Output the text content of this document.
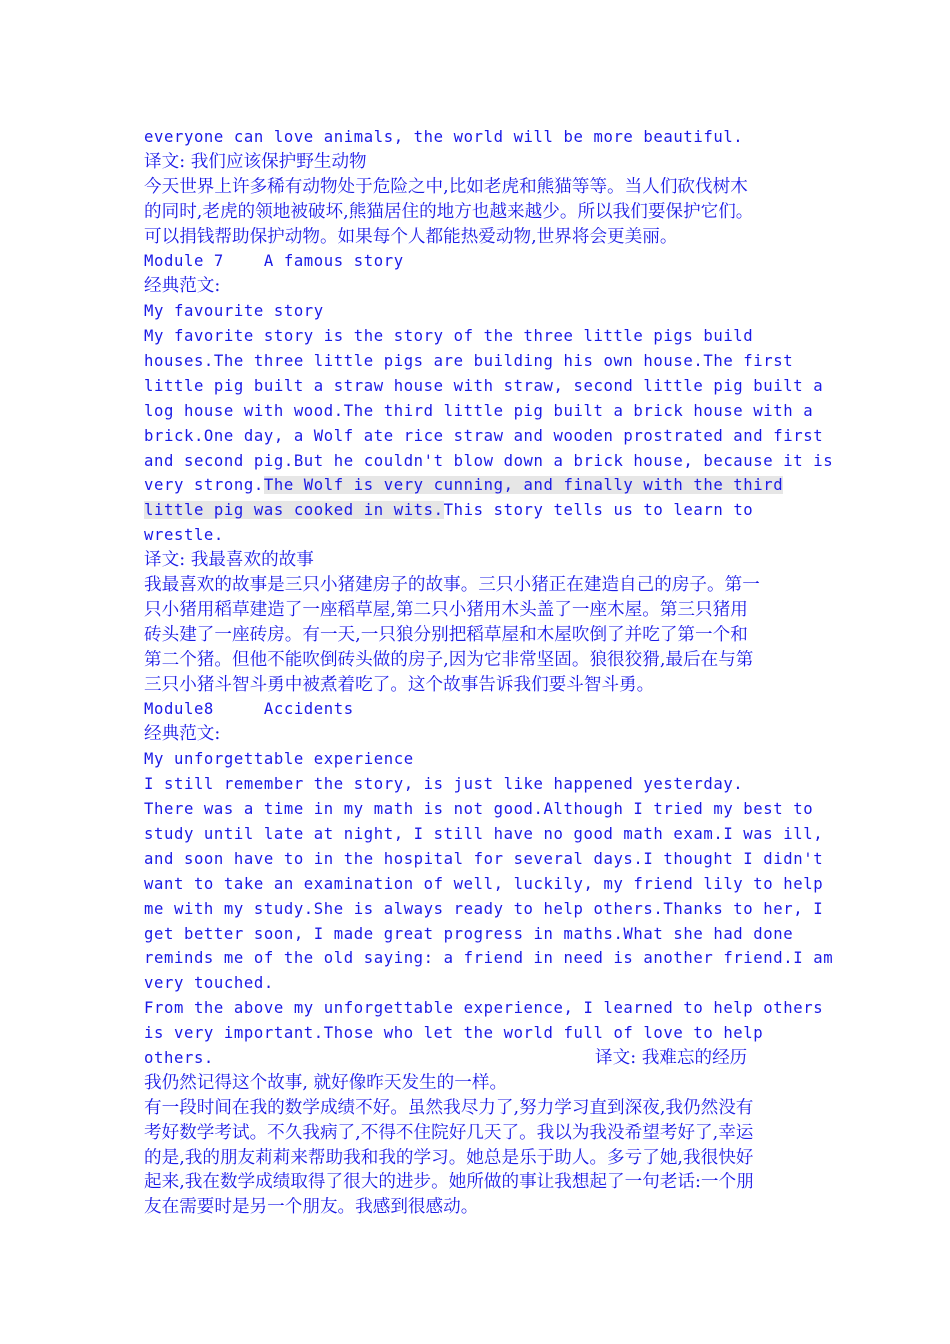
everyone can love animals, the world will be more beautiful.
译文: 我们应该保护野生动物
今天世界上许多稀有动物处于危险之中,比如老虎和熊猫等等。当人们砍伐树木
的同时,老虎的领地被破坏,熊猫居住的地方也越来越少。所以我们要保护它们。
可以捐钱帮助保护动物。如果每个人都能热爱动物,世界将会更美丽。
Module 7    A famous story
经典范文:
My favourite story
My favorite story is the story of the three little pigs build
houses.The three little pigs are building his own house.The first
little pig built a straw house with straw, second little pig built a
log house with wood.The third little pig built a brick house with a
brick.One day, a Wolf ate rice straw and wooden prostrated and first
and second pig.But he couldn't blow down a brick house, because it is
very strong.The Wolf is very cunning, and finally with the third
little pig was cooked in wits.This story tells us to learn to
wrestle.
译文: 我最喜欢的故事
我最喜欢的故事是三只小猪建房子的故事。三只小猪正在建造自己的房子。第一
只小猪用稻草建造了一座稻草屋,第二只小猪用木头盖了一座木屋。第三只猪用
砖头建了一座砖房。有一天,一只狼分别把稻草屋和木屋吹倒了并吃了第一个和
第二个猪。但他不能吹倒砖头做的房子,因为它非常坚固。狼很狡猾,最后在与第
三只小猪斗智斗勇中被煮着吃了。这个故事告诉我们要斗智斗勇。
Module8     Accidents
经典范文:
My unforgettable experience
I still remember the story, is just like happened yesterday.
There was a time in my math is not good.Although I tried my best to
study until late at night, I still have no good math exam.I was ill,
and soon have to in the hospital for several days.I thought I didn't
want to take an examination of well, luckily, my friend lily to help
me with my study.She is always ready to help others.Thanks to her, I
get better soon, I made great progress in maths.What she had done
reminds me of the old saying: a friend in need is another friend.I am
very touched.
From the above my unforgettable experience, I learned to help others
is very important.Those who let the world full of love to help
others.	译文: 我难忘的经历
我仍然记得这个故事, 就好像昨天发生的一样。
有一段时间在我的数学成绩不好。虽然我尽力了,努力学习直到深夜,我仍然没有
考好数学考试。不久我病了,不得不住院好几天了。我以为我没希望考好了,幸运
的是,我的朋友莉莉来帮助我和我的学习。她总是乐于助人。多亏了她,我很快好
起来,我在数学成绩取得了很大的进步。她所做的事让我想起了一句老话:一个朋
友在需要时是另一个朋友。我感到很感动。
